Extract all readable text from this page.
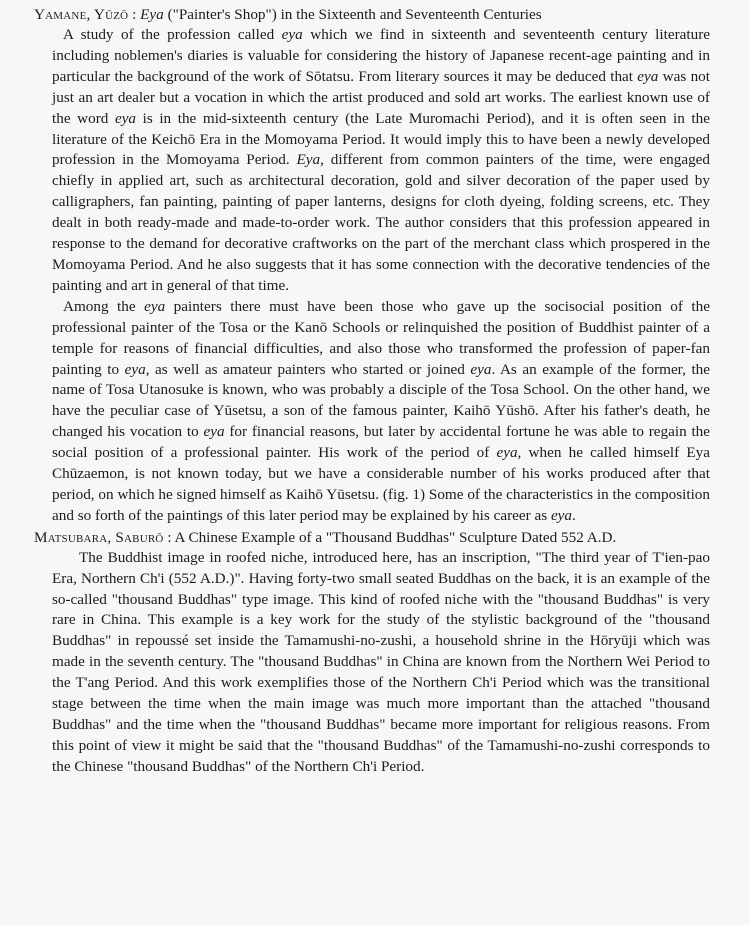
Yamane, Yūzō : Eya ("Painter's Shop") in the Sixteenth and Seventeenth Centuries

A study of the profession called eya which we find in sixteenth and seventeenth century literature including noblemen's diaries is valuable for considering the history of Japanese recent-age painting and in particular the background of the work of Sōtatsu. From literary sources it may be deduced that eya was not just an art dealer but a vocation in which the artist produced and sold art works. The earliest known use of the word eya is in the mid-sixteenth century (the Late Muromachi Period), and it is often seen in the literature of the Keichō Era in the Momoyama Period. It would imply this to have been a newly developed profession in the Momoyama Period. Eya, different from common painters of the time, were engaged chiefly in applied art, such as architectural decoration, gold and silver decoration of the paper used by calligraphers, fan painting, painting of paper lanterns, designs for cloth dyeing, folding screens, etc. They dealt in both ready-made and made-to-order work. The author considers that this profession appeared in response to the demand for decorative craftworks on the part of the merchant class which prospered in the Momoyama Period. And he also suggests that it has some connection with the decorative tendencies of the painting and art in general of that time.

Among the eya painters there must have been those who gave up the socisocial position of the professional painter of the Tosa or the Kanō Schools or relinquished the position of Buddhist painter of a temple for reasons of financial difficulties, and also those who transformed the profession of paper-fan painting to eya, as well as amateur painters who started or joined eya. As an example of the former, the name of Tosa Utanosuke is known, who was probably a disciple of the Tosa School. On the other hand, we have the peculiar case of Yūsetsu, a son of the famous painter, Kaihō Yūshō. After his father's death, he changed his vocation to eya for financial reasons, but later by accidental fortune he was able to regain the social position of a professional painter. His work of the period of eya, when he called himself Eya Chūzaemon, is not known today, but we have a considerable number of his works produced after that period, on which he signed himself as Kaihō Yūsetsu. (fig. 1) Some of the characteristics in the composition and so forth of the paintings of this later period may be explained by his career as eya.

Matsubara, Saburō : A Chinese Example of a "Thousand Buddhas" Sculpture Dated 552 A.D.

The Buddhist image in roofed niche, introduced here, has an inscription, "The third year of T'ien-pao Era, Northern Ch'i (552 A.D.)". Having forty-two small seated Buddhas on the back, it is an example of the so-called "thousand Buddhas" type image. This kind of roofed niche with the "thousand Buddhas" is very rare in China. This example is a key work for the study of the stylistic background of the "thousand Buddhas" in repoussé set inside the Tamamushi-no-zushi, a household shrine in the Hōryūji which was made in the seventh century. The "thousand Buddhas" in China are known from the Northern Wei Period to the T'ang Period. And this work exemplifies those of the Northern Ch'i Period which was the transitional stage between the time when the main image was much more important than the attached "thousand Buddhas" and the time when the "thousand Buddhas" became more important for religious reasons. From this point of view it might be said that the "thousand Buddhas" of the Tamamushi-no-zushi corresponds to the Chinese "thousand Buddhas" of the Northern Ch'i Period.
